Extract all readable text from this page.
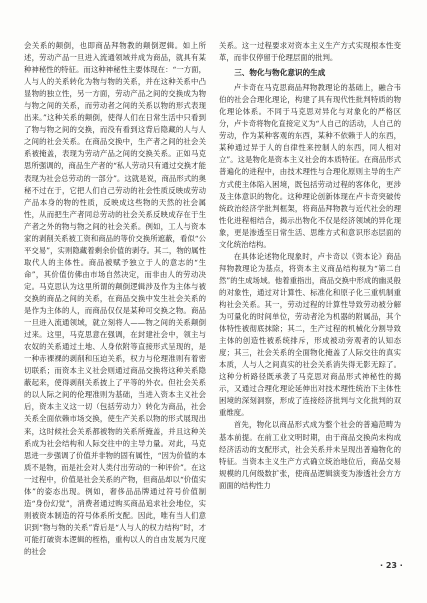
会关系的颠倒，也即商品拜物教的颠倒逻辑。如上所述，劳动产品一旦进入流通领域并成为商品，就具有某种神秘性的特征。而这种神秘性主要体现在：“一方面，人与人的关系转化为物与物的关系，并在这种关系中凸显物的独立性，另一方面，劳动产品之间的交换成为物与物之间的关系，而劳动者之间的关系以物的形式表现出来。”这种关系的颠倒，使得人们在日常生活中只看到了物与物之间的交换，而没有看到这背后隐藏的人与人之间的社会关系。在商品交换中，生产者之间的社会关系被掩盖，表现为劳动产品之间的交换关系。正如马克思所强调的，商品生产者的“私人劳动只有通过交换才能表现为社会总劳动的一部分”。这就是说，商品形式的奥秘不过在于，它把人们自己劳动的社会性质反映成劳动产品本身的物的性质，反映成这些物的天然的社会属性，从而把生产者同总劳动的社会关系反映成存在于生产者之外的物与物之间的社会关系。例如，工人与资本家的剥削关系被工资和商品的等价交换所遮蔽，看似“公平交易”，实则隐藏着剩余价值的剥夺。其二，物的属性取代人的主体性。商品被赋予独立于人的意志的“生命”，其价值仿佛由市场自然决定，而非由人的劳动决定。马克思认为这里所谓的颠倒逻辑涉及作为主体与被交换的商品之间的关系，在商品交换中发生社会关系的是作为主体的人，而商品仅仅是某种可交换之物。商品一旦进入流通领域，就立刻将人——物之间的关系颠倒过来。这里，马克思意在强调，在封建社会中，领主与农奴的关系通过土地、人身依附等直接形式呈现的，是一种赤裸裸的剥削和压迫关系，权力与伦理准则有着密切联系；而资本主义社会则通过商品交换将这种关系隐蔽起来，使得剥削关系披上了平等的外衣。但社会关系的以人际之间的伦理准则为基础，当进入资本主义社会后，资本主义这一切（包括劳动力）转化为商品，社会关系全面依赖市场交换，使生产关系以物的形式展现出来，这时候社会关系都被物的关系所掩盖，并且这种关系成为社会结构和人际交往中的主导力量。对此，马克思进一步强调了价值并非物的固有属性，“因为价值的本质不是物，而是社会对人类付出劳动的一种评价”。在这一过程中，价值是社会关系的产物，但商品却以“价值实体”的姿态出现。例如，奢侈品品牌通过符号价值制造“身份幻觉”，消费者通过购买商品追求社会地位，实则被资本制造的符号体系所支配。因此，唯有当人们意识到“物与物的关系”背后是“人与人的权力结构”时，才可能打破资本逻辑的桎梏，重构以人的自由发展为尺度的社会

关系。这一过程要求对资本主义生产方式实现根本性变革，而非仅停留于伦理层面的批判。

三、物化与物化意识的生成

卢卡奇在马克思商品拜物教理论的基础上，融合韦伯的社会合理化理论，构建了具有现代性批判特质的物化理论体系。不同于马克思对异化与对象化的严格区分，卢卡奇将物化直接定义为“人自己的活动，人自己的劳动，作为某种客观的东西，某种不依赖于人的东西，某种通过异于人的自律性来控制人的东西，同人相对立”。这是物化是资本主义社会的本质特征。在商品形式普遍化的进程中，由技术理性与合理化原则主导的生产方式使主体陷入困境，既包括劳动过程的客体化，更涉及主体意识的物化。这种理论创新体现在卢卡奇突破传统政治经济学批判框架，将商品拜物教与近代社会的理性化进程相结合，揭示出物化不仅是经济领域的异化现象，更是渗透至日常生活、思维方式和意识形态层面的文化统治结构。

在具体论述物化现象时，卢卡奇以《资本论》商品拜物教理论为基点，将资本主义商品结构视为“第二自然”的生成场域。他着重指出，商品交换中形成的幽灵般的对象性，通过对计算性、标准化和原子化三重机制重构社会关系。其一，劳动过程的计算性导致劳动被分解为可量化的时间单位，劳动者沦为机器的附属品，其个体特性被彻底抹除；其二，生产过程的机械化分割导致主体的创造性被系统排斥，形成被动旁观者的认知态度；其三，社会关系的全面物化掩盖了人际交往的真实本质，人与人之间真实的社会关系消失得无影无踪了。这种分析路径既承袭了马克思对商品形式神秘性的揭示，又通过合理化理论延伸出对技术理性统治下主体性困境的深刻洞察，形成了连接经济批判与文化批判的双重维度。

首先，物化以商品形式成为整个社会的普遍范畴为基本前提。在前工业文明时期，由于商品交换尚未构成经济活动的支配形式，社会关系并未呈现出普遍物化的特征。当资本主义生产方式确立统治地位后，商品交易规模的几何级数扩张，使商品逻辑演变为渗透社会方方面面的结构性力

· 23 ·
